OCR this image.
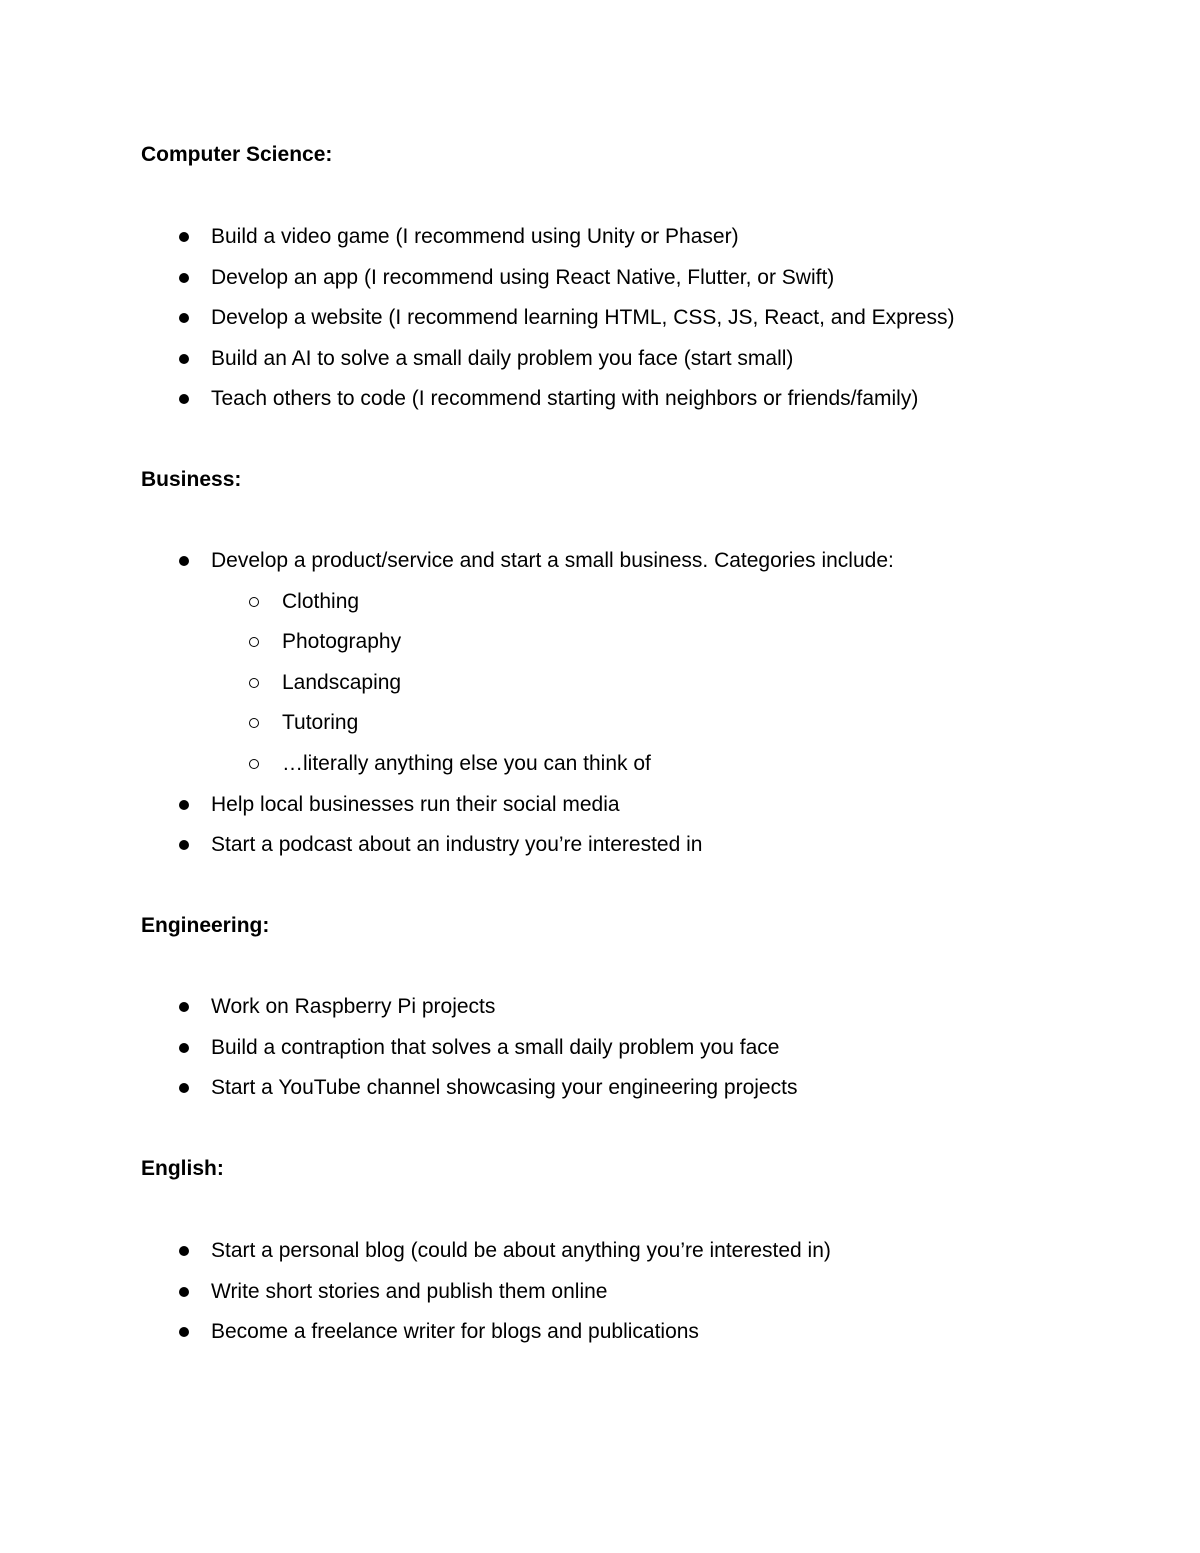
Computer Science:
Build a video game (I recommend using Unity or Phaser)
Develop an app (I recommend using React Native, Flutter, or Swift)
Develop a website (I recommend learning HTML, CSS, JS, React, and Express)
Build an AI to solve a small daily problem you face (start small)
Teach others to code (I recommend starting with neighbors or friends/family)
Business:
Develop a product/service and start a small business. Categories include:
Clothing
Photography
Landscaping
Tutoring
…literally anything else you can think of
Help local businesses run their social media
Start a podcast about an industry you’re interested in
Engineering:
Work on Raspberry Pi projects
Build a contraption that solves a small daily problem you face
Start a YouTube channel showcasing your engineering projects
English:
Start a personal blog (could be about anything you’re interested in)
Write short stories and publish them online
Become a freelance writer for blogs and publications
